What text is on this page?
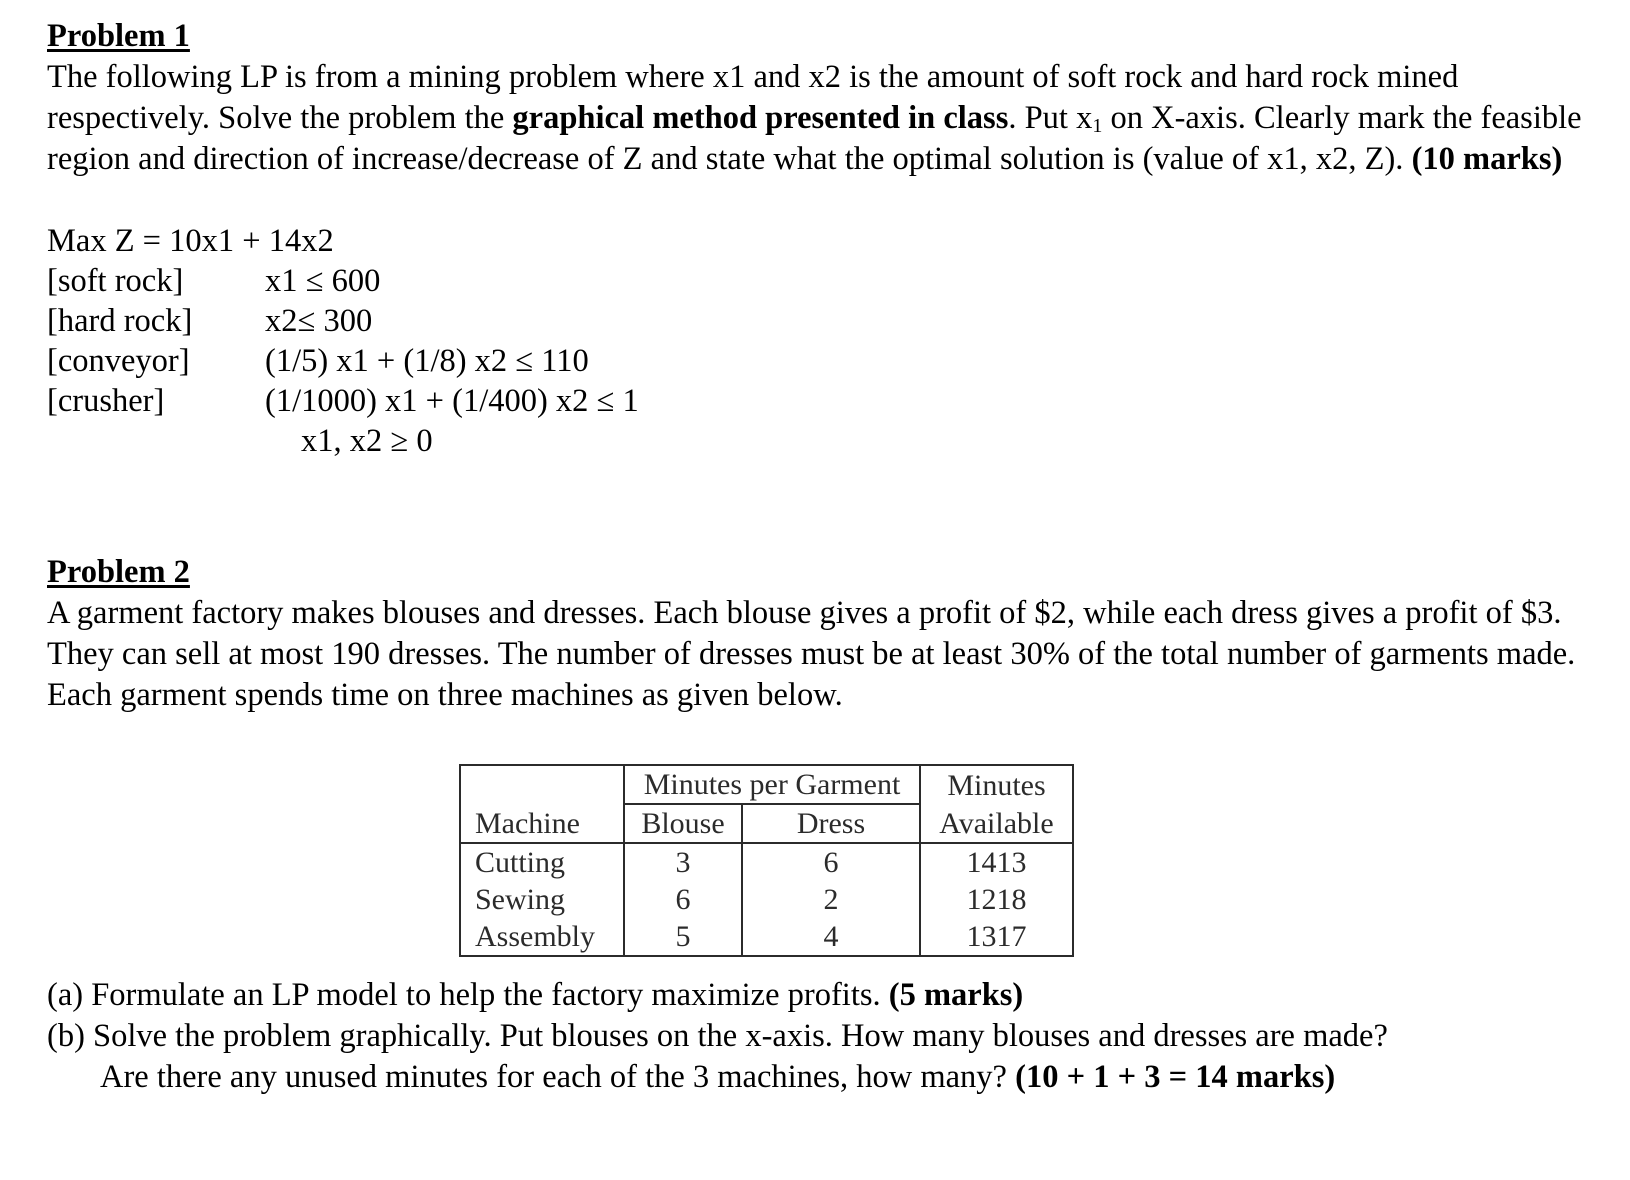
Problem 1

The following LP is from a mining problem where x1 and x2 is the amount of soft rock and hard rock mined respectively. Solve the problem the graphical method presented in class. Put $x_1$ on X-axis. Clearly mark the feasible region and direction of increase/decrease of Z and state what the optimal solution is (value of x1, x2, Z). (10 marks)

Max Z = 10x1 + 14x2
[soft rock]	x1 ≤ 600
[hard rock]	x2≤ 300
[conveyor]	(1/5) x1 + (1/8) x2 ≤ 110
[crusher]	(1/1000) x1 + (1/400) x2 ≤ 1
x1, x2 ≥ 0
Problem 2

A garment factory makes blouses and dresses. Each blouse gives a profit of $2, while each dress gives a profit of $3. They can sell at most 190 dresses. The number of dresses must be at least 30% of the total number of garments made. Each garment spends time on three machines as given below.

	Minutes per Garment		Minutes
Machine	Blouse	Dress	Available
Cutting	3	6	1413
Sewing	6	2	1218
Assembly	5	4	1317
(a) Formulate an LP model to help the factory maximize profits. (5 marks)
(b) Solve the problem graphically. Put blouses on the x-axis. How many blouses and dresses are made?
Are there any unused minutes for each of the 3 machines, how many? (10 + 1 + 3 = 14 marks)
